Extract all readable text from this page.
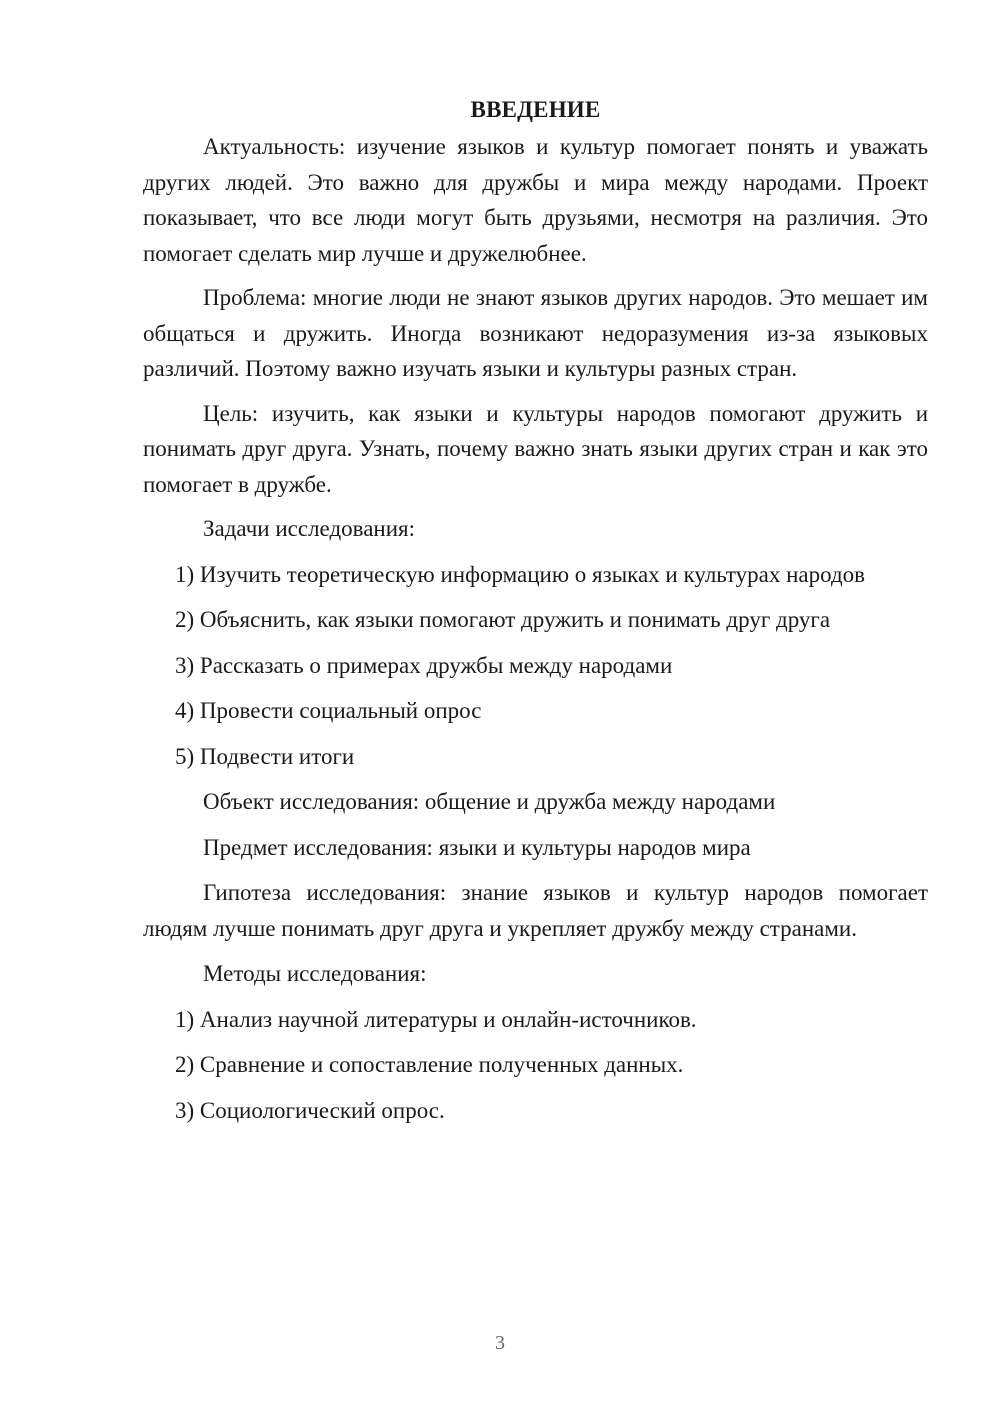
ВВЕДЕНИЕ

Актуальность: изучение языков и культур помогает понять и уважать других людей. Это важно для дружбы и мира между народами. Проект показывает, что все люди могут быть друзьями, несмотря на различия. Это помогает сделать мир лучше и дружелюбнее.

Проблема: многие люди не знают языков других народов. Это мешает им общаться и дружить. Иногда возникают недоразумения из-за языковых различий. Поэтому важно изучать языки и культуры разных стран.

Цель: изучить, как языки и культуры народов помогают дружить и понимать друг друга. Узнать, почему важно знать языки других стран и как это помогает в дружбе.

Задачи исследования:
1) Изучить теоретическую информацию о языках и культурах народов
2) Объяснить, как языки помогают дружить и понимать друг друга
3) Рассказать о примерах дружбы между народами
4) Провести социальный опрос
5) Подвести итоги
Объект исследования: общение и дружба между народами
Предмет исследования: языки и культуры народов мира

Гипотеза исследования: знание языков и культур народов помогает людям лучше понимать друг друга и укрепляет дружбу между странами.

Методы исследования:
1) Анализ научной литературы и онлайн-источников.
2) Сравнение и сопоставление полученных данных.
3) Социологический опрос.
3
